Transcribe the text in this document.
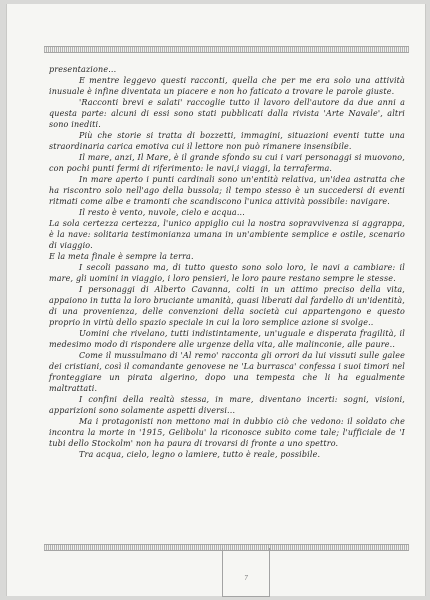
presentazione...

E mentre leggevo questi racconti, quella che per me era solo una attività inusuale è infine diventata un piacere e non ho faticato a trovare le parole giuste.

'Racconti brevi e salati' raccoglie tutto il lavoro dell'autore da due anni a questa parte: alcuni di essi sono stati pubblicati dalla rivista 'Arte Navale', altri sono inediti.

Più che storie si tratta di bozzetti, immagini, situazioni eventi tutte una straordinaria carica emotiva cui il lettore non può rimanere insensibile.

Il mare, anzi, Il Mare, è il grande sfondo su cui i vari personaggi si muovono, con pochi punti fermi di riferimento: le navi,i viaggi, la terraferma.

In mare aperto i punti cardinali sono un'entità relativa, un'idea astratta che ha riscontro solo nell'ago della bussola; il tempo stesso è un succedersi di eventi ritmati come albe e tramonti che scandiscono l'unica attività possibile: navigare.

Il resto è vento, nuvole, cielo e acqua...

La sola certezza certezza, l'unico appiglio cui la nostra sopravvivenza si aggrappa, è la nave: solitaria testimonianza umana in un'ambiente semplice e ostile, scenario di viaggio.

E la meta finale è sempre la terra.

I secoli passano ma, di tutto questo sono solo loro, le navi a cambiare: il mare, gli uomini in viaggio, i loro pensieri, le loro paure restano sempre le stesse.

I personaggi di Alberto Cavanna, colti in un attimo preciso della vita, appaiono in tutta la loro bruciante umanità, quasi liberati dal fardello di un'identità, di una provenienza, delle convenzioni della società cui appartengono e questo proprio in virtù dello spazio speciale in cui la loro semplice azione si svolge..

Uomini che rivelano, tutti indistintamente, un'uguale e disperata fragilità, il medesimo modo di rispondere alle urgenze della vita, alle malinconie, alle paure..

Come il mussulmano di 'Al remo' racconta gli orrori da lui vissuti sulle galee dei cristiani, così il comandante genovese ne 'La burrasca' confessa i suoi timori nel fronteggiare un pirata algerino, dopo una tempesta che li ha egualmente maltrattati.

I confini della realtà stessa, in mare, diventano incerti: sogni, visioni, apparizioni sono solamente aspetti diversi...

Ma i protagonisti non mettono mai in dubbio ciò che vedono: il soldato che incontra la morte in '1915, Gelibolu' la riconosce subito come tale; l'ufficiale de 'I tubi dello Stockolm' non ha paura di trovarsi di fronte a uno spettro.

Tra acqua, cielo, legno o lamiere, tutto è reale, possibile.

7
